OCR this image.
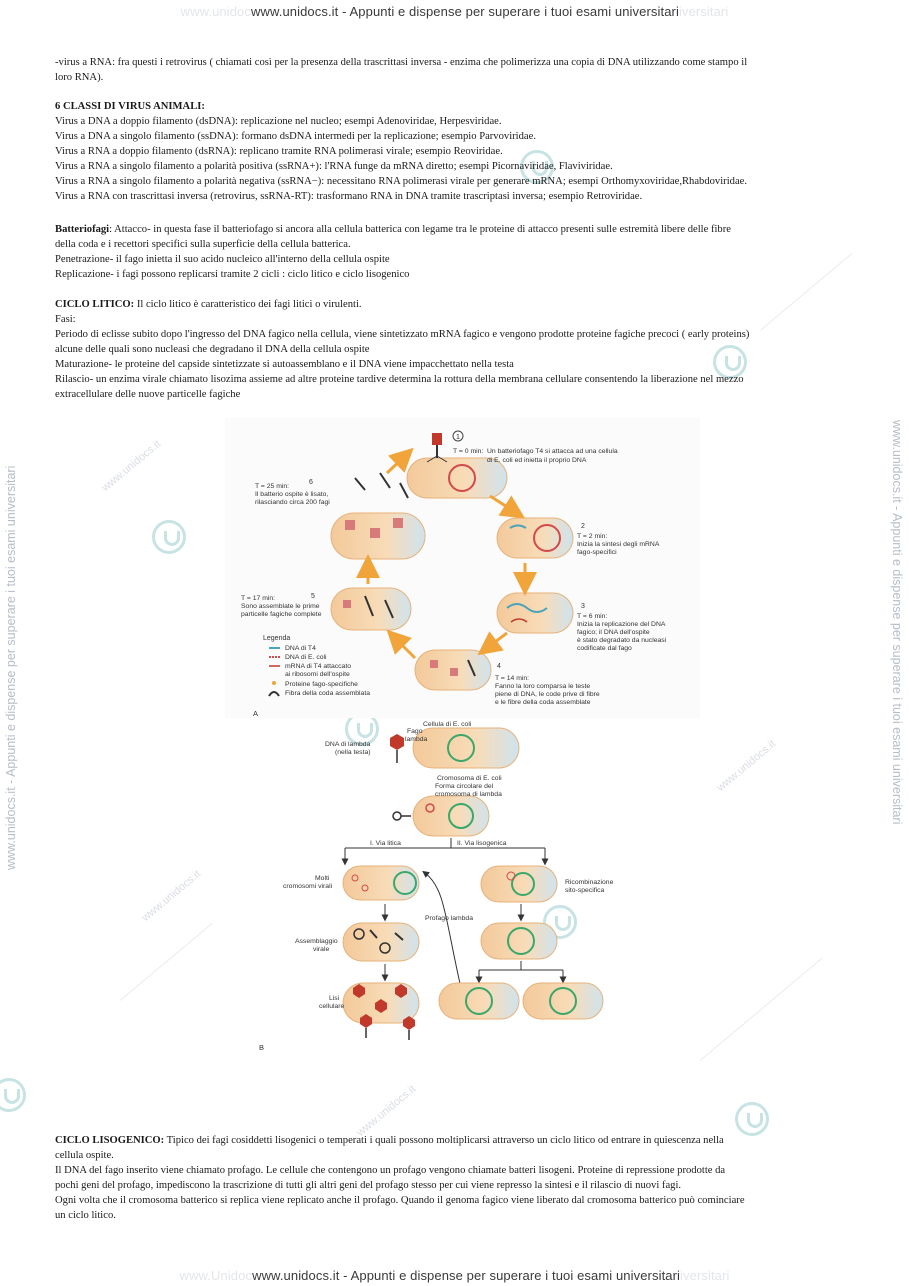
www.unidocwww.unidocs.it - Appunti e dispense per superare i tuoi esami universitariiversitari
www.Unidocwww.unidocs.it - Appunti e dispense per superare i tuoi esami universitariiversitari
www.unidocs.it - Appunti e dispense per superare i tuoi esami universitari	www.unidocs.it - Appunti e dispense per superare i tuoi esami universitari
www.unidocs.it
www.unidocs.it
www.unidocs.it
www.unidocs.it

-virus a RNA: fra questi i retrovirus ( chiamati così per la presenza della trascrittasi inversa - enzima che polimerizza una copia di DNA utilizzando come stampo il

loro RNA).

6 CLASSI DI VIRUS ANIMALI:

Virus a DNA a doppio filamento (dsDNA): replicazione nel nucleo; esempi Adenoviridae, Herpesviridae.

Virus a DNA a singolo filamento (ssDNA): formano dsDNA intermedi per la replicazione; esempio Parvoviridae.

Virus a RNA a doppio filamento (dsRNA): replicano tramite RNA polimerasi virale; esempio Reoviridae.

Virus a RNA a singolo filamento a polarità positiva (ssRNA+): l'RNA funge da mRNA diretto; esempi Picornaviridae, Flaviviridae.

Virus a RNA a singolo filamento a polarità negativa (ssRNA−): necessitano RNA polimerasi virale per generare mRNA; esempi Orthomyxoviridae,Rhabdoviridae.

Virus a RNA con trascrittasi inversa (retrovirus, ssRNA-RT): trasformano RNA in DNA tramite trascriptasi inversa; esempio Retroviridae.

Batteriofagi: Attacco- in questa fase il batteriofago si ancora alla cellula batterica con legame tra le proteine di attacco presenti sulle estremità libere delle fibre

della coda e i recettori specifici sulla superficie della cellula batterica.

Penetrazione- il fago inietta il suo acido nucleico all'interno della cellula ospite

Replicazione- i fagi possono replicarsi tramite 2 cicli : ciclo litico e ciclo lisogenico

CICLO LITICO: Il ciclo litico è caratteristico dei fagi litici o virulenti.

Fasi:

Periodo di eclisse subito dopo l'ingresso del DNA fagico nella cellula, viene sintetizzato mRNA fagico e vengono prodotte proteine fagiche precoci ( early proteins)

alcune delle quali sono nucleasi che degradano il DNA della cellula ospite

Maturazione- le proteine del capside sintetizzate si autoassemblano e il DNA viene impacchettato nella testa

Rilascio- un enzima virale chiamato lisozima assieme ad altre proteine tardive determina la rottura della membrana cellulare consentendo la liberazione nel mezzo

extracellulare delle nuove particelle fagiche

1
T = 0 min: Un batteriofago T4 si attacca ad una cellula
di E. coli ed inietta il proprio DNA
2
T = 2 min:
Inizia la sintesi degli mRNA
fago-specifici
3
T = 6 min:
Inizia la replicazione del DNA
fagico; il DNA dell'ospite
è stato degradato da nucleasi
codificate dal fago
4
T = 14 min:
Fanno la loro comparsa le teste
piene di DNA, le code prive di fibre
e le fibre della coda assemblate
5
T = 17 min:
Sono assemblate le prime
particelle fagiche complete
6
T = 25 min:
Il batterio ospite è lisato,
rilasciando circa 200 fagi
Legenda
DNA di T4
DNA di E. coli
mRNA di T4 attaccato
ai ribosomi dell'ospite
Proteine fago-specifiche
Fibra della coda assemblata
A
Fago
lambda
DNA di lambda
(nella testa)
Cellula di E. coli
Cromosoma di E. coli
Forma circolare del
cromosoma di lambda
I. Via litica	II. Via lisogenica
Molti
cromosomi virali
Ricombinazione
sito-specifica
Profago lambda
Assemblaggio
virale
Lisi
cellulare
B

CICLO LISOGENICO: Tipico dei fagi cosiddetti lisogenici o temperati i quali possono moltiplicarsi attraverso un ciclo litico od entrare in quiescenza nella

cellula ospite.

Il DNA del fago inserito viene chiamato profago. Le cellule che contengono un profago vengono chiamate batteri lisogeni. Proteine di repressione prodotte da

pochi geni del profago, impediscono la trascrizione di tutti gli altri geni del profago stesso per cui viene represso la sintesi e il rilascio di nuovi fagi.

Ogni volta che il cromosoma batterico si replica viene replicato anche il profago. Quando il genoma fagico viene liberato dal cromosoma batterico può cominciare

un ciclo litico.
